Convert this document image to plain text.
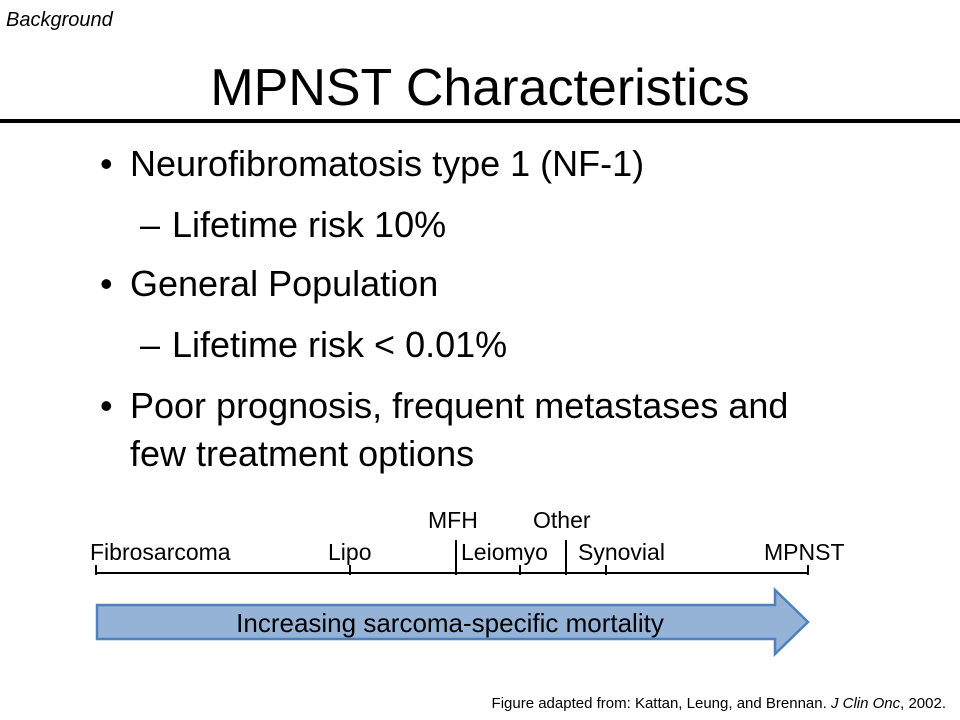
Background
MPNST Characteristics
• Neurofibromatosis type 1 (NF-1)
– Lifetime risk 10%
• General Population
– Lifetime risk < 0.01%
• Poor prognosis, frequent metastases and
few treatment options
MFH Other
Fibrosarcoma	Lipo	Leiomyo Synovial	MPNST
Increasing sarcoma-specific mortality
Figure adapted from: Kattan, Leung, and Brennan. J Clin Onc, 2002.
